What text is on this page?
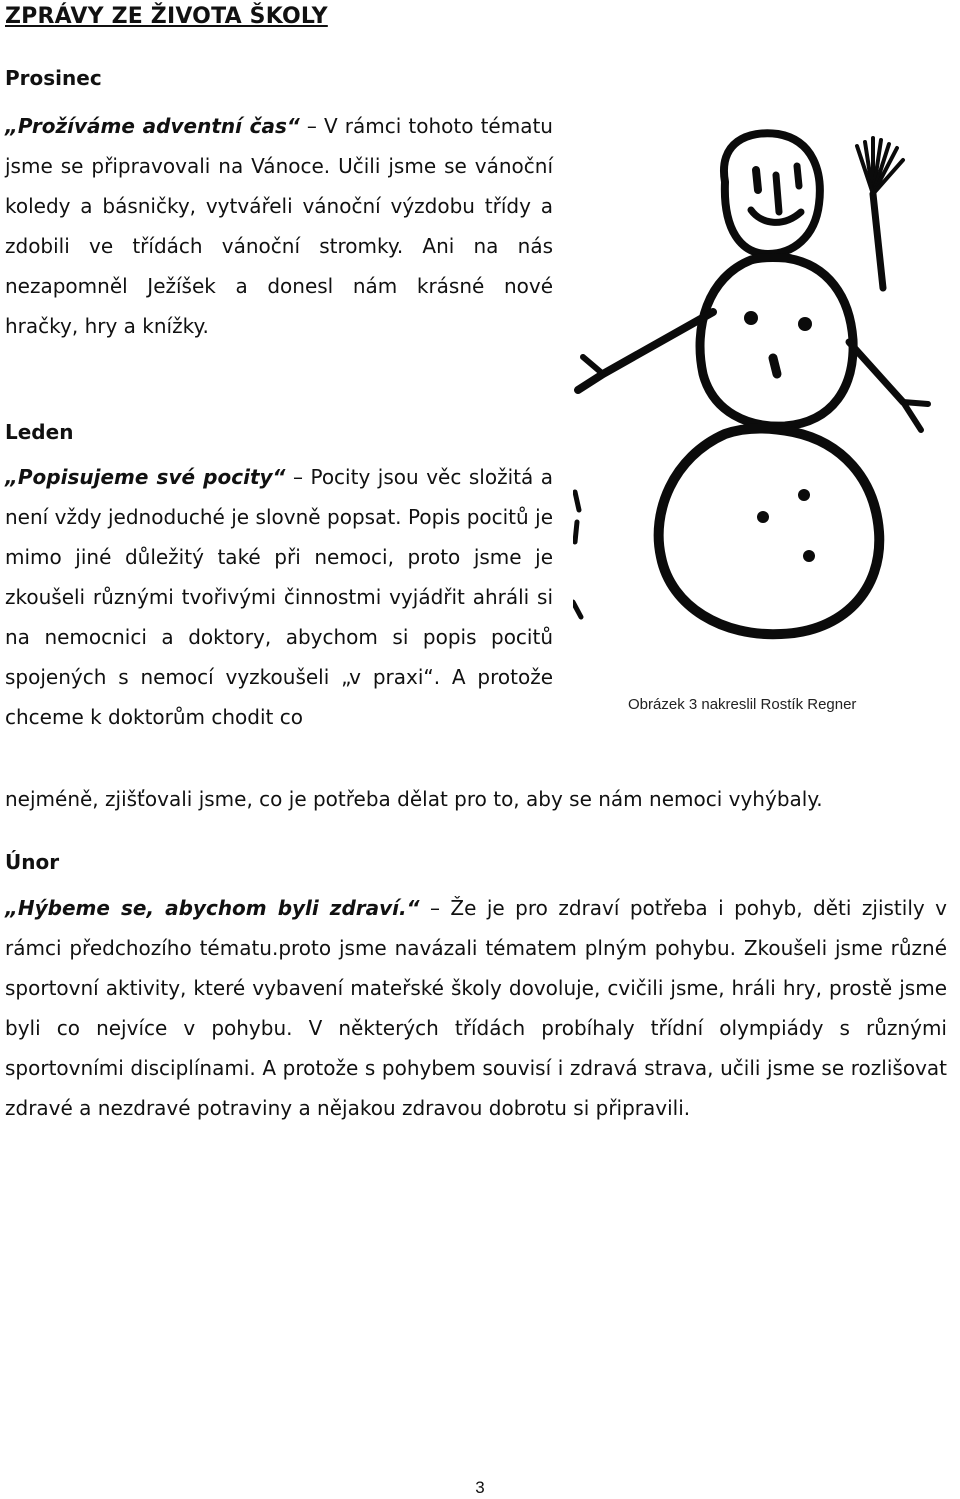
ZPRÁVY ZE ŽIVOTA ŠKOLY
Prosinec
„Prožíváme adventní čas“ – V rámci tohoto tématu jsme se připravovali na Vánoce. Učili jsme se vánoční koledy a básničky, vytvářeli vánoční výzdobu třídy a zdobili ve třídách vánoční stromky. Ani na nás nezapomněl Ježíšek a donesl nám krásné nové hračky, hry a knížky.
Leden
„Popisujeme své pocity“ – Pocity jsou věc složitá a není vždy jednoduché je slovně popsat. Popis pocitů je mimo jiné důležitý také při nemoci, proto jsme je zkoušeli různými tvořivými činnostmi vyjádřit ahráli si na nemocnici a doktory, abychom si popis pocitů spojených s nemocí vyzkoušeli „v praxi“. A protože chceme k doktorům chodit co
nejméně, zjišťovali jsme, co je potřeba dělat pro to, aby se nám nemoci vyhýbaly.
Obrázek 3 nakreslil Rostík Regner
Únor
„Hýbeme se, abychom byli zdraví.“ – Že je pro zdraví potřeba i pohyb, děti zjistily v rámci předchozího tématu.proto jsme navázali tématem plným pohybu. Zkoušeli jsme různé sportovní aktivity, které vybavení mateřské školy dovoluje, cvičili jsme, hráli hry, prostě jsme byli co nejvíce v pohybu. V některých třídách probíhaly třídní olympiády s různými sportovními disciplínami. A protože s pohybem souvisí i zdravá strava, učili jsme se rozlišovat zdravé a nezdravé potraviny a nějakou zdravou dobrotu si připravili.
3
